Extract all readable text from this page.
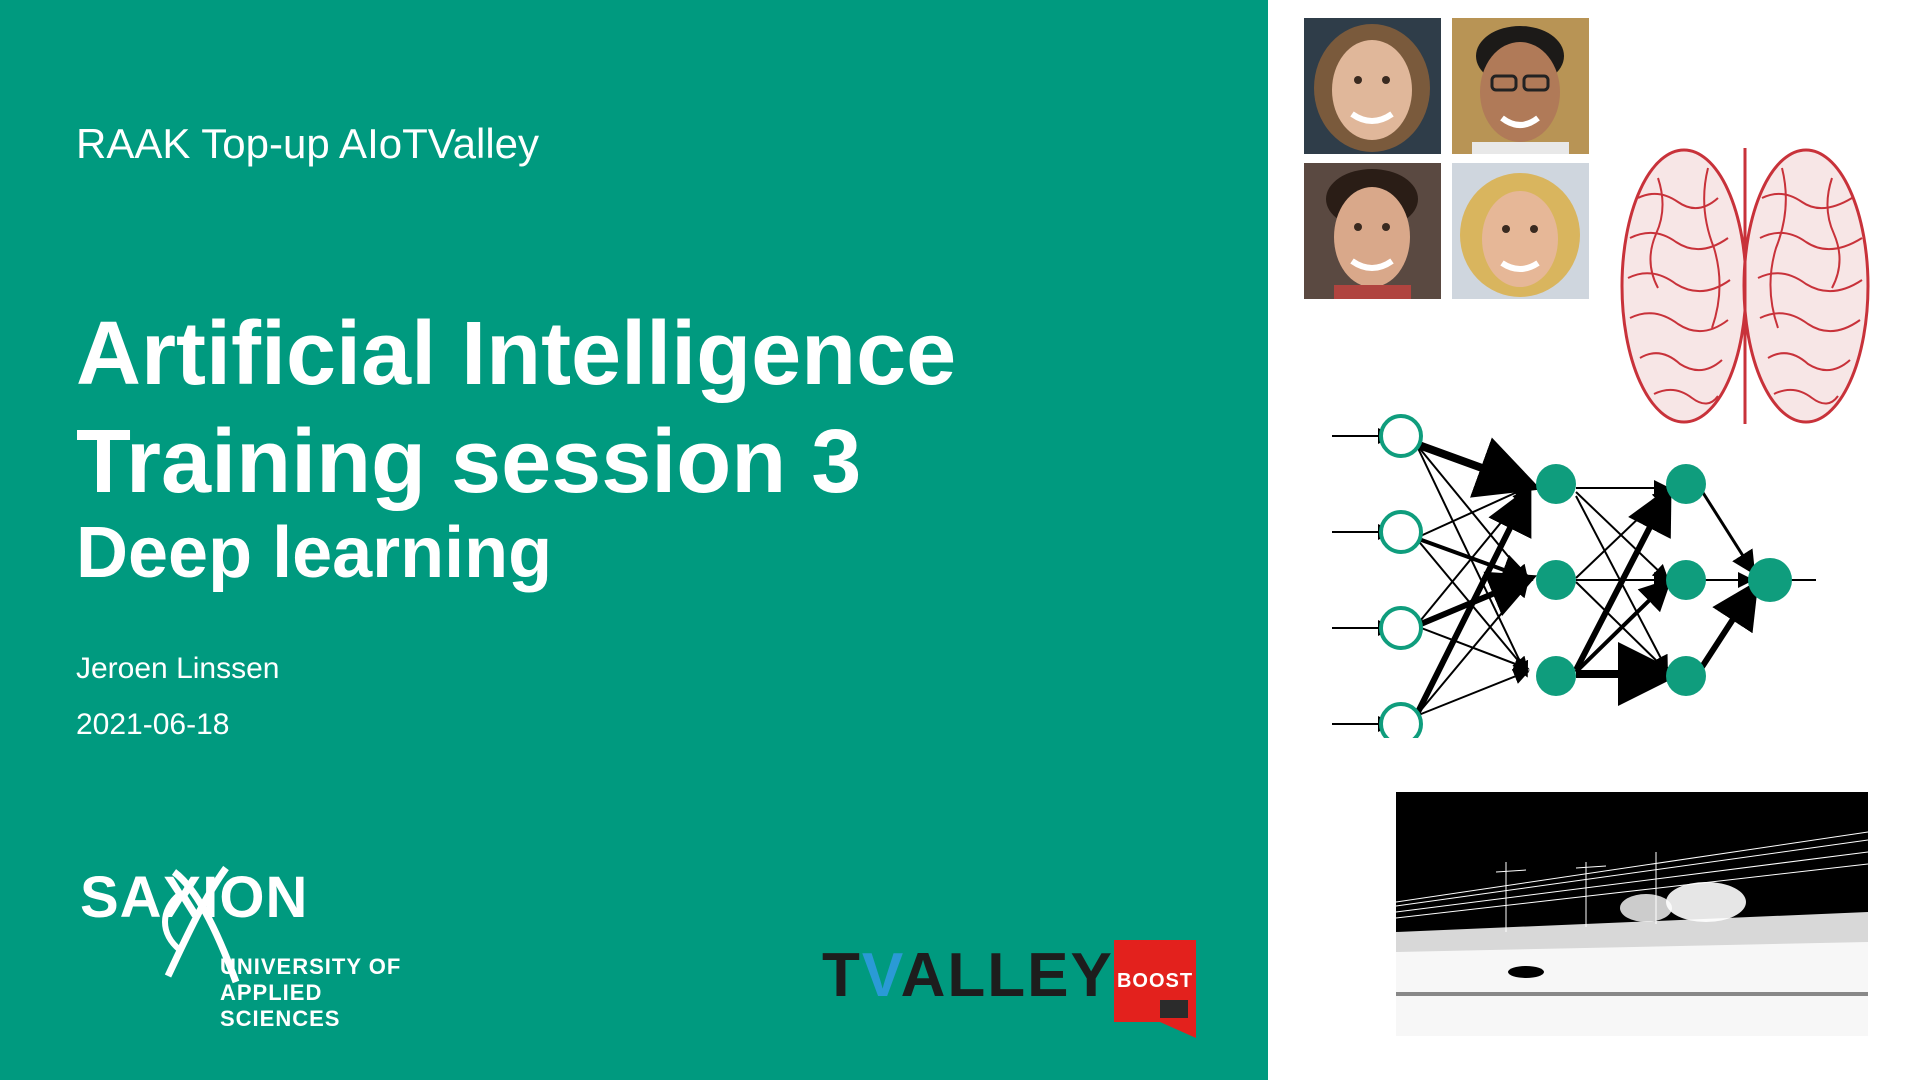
RAAK Top-up AIoTValley
Artificial Intelligence
Training session 3
Deep learning
Jeroen Linssen
2021-06-18
SAXION
UNIVERSITY OF
APPLIED SCIENCES
TVALLEY BOOST
